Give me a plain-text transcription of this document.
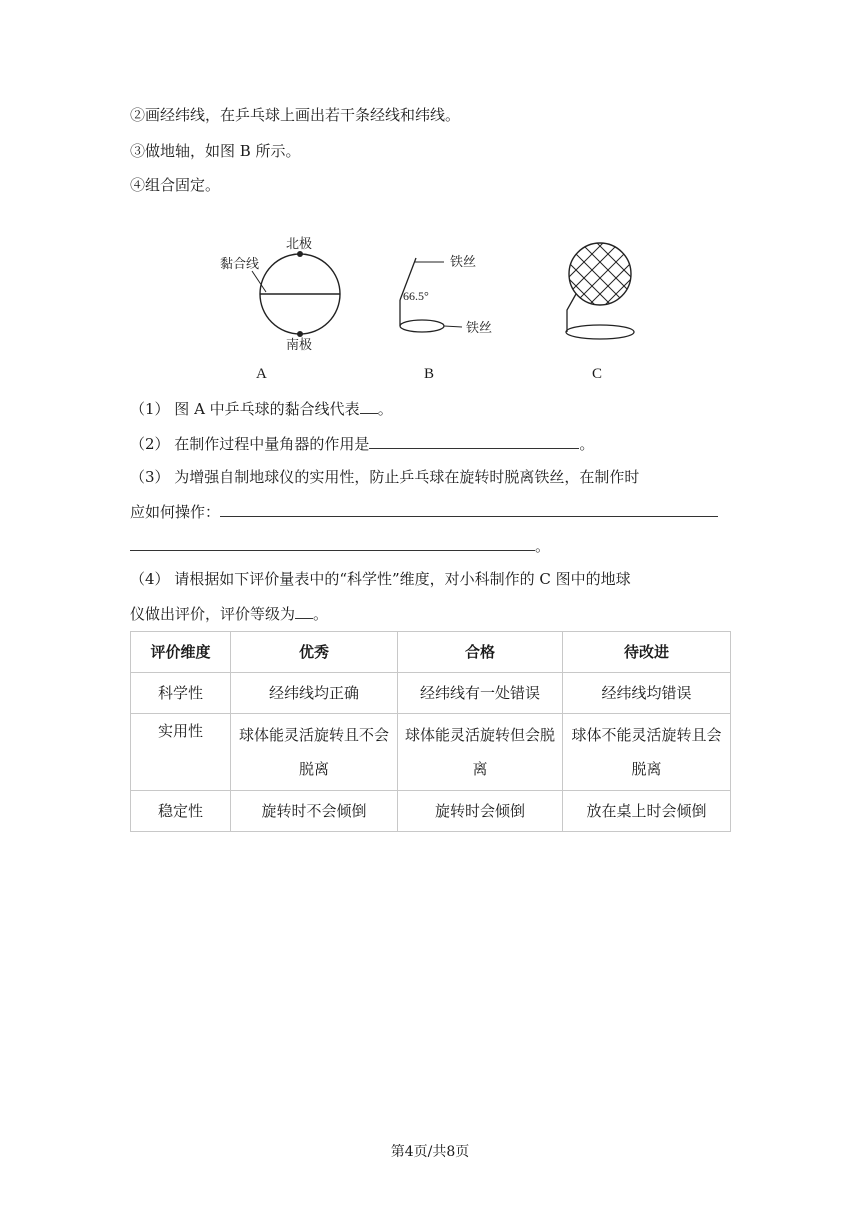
②画经纬线，在乒乓球上画出若干条经线和纬线。
③做地轴，如图 B 所示。
④组合固定。
北极
南极
黏合线	铁丝
铁丝
66.5°
A	B	C
（1） 图 A 中乒乓球的黏合线代表 。
（2） 在制作过程中量角器的作用是	。
（3） 为增强自制地球仪的实用性，防止乒乓球在旋转时脱离铁丝，在制作时
应如何操作：
。
（4） 请根据如下评价量表中的“科学性”维度，对小科制作的 C 图中的地球
仪做出评价，评价等级为 。
评价维度	优秀	合格	待改进
科学性	经纬线均正确	经纬线有一处错误	经纬线均错误
实用性	球体能灵活旋转且不会脱离	球体能灵活旋转但会脱离	球体不能灵活旋转且会脱离
稳定性	旋转时不会倾倒	旋转时会倾倒	放在桌上时会倾倒
第4页/共8页
